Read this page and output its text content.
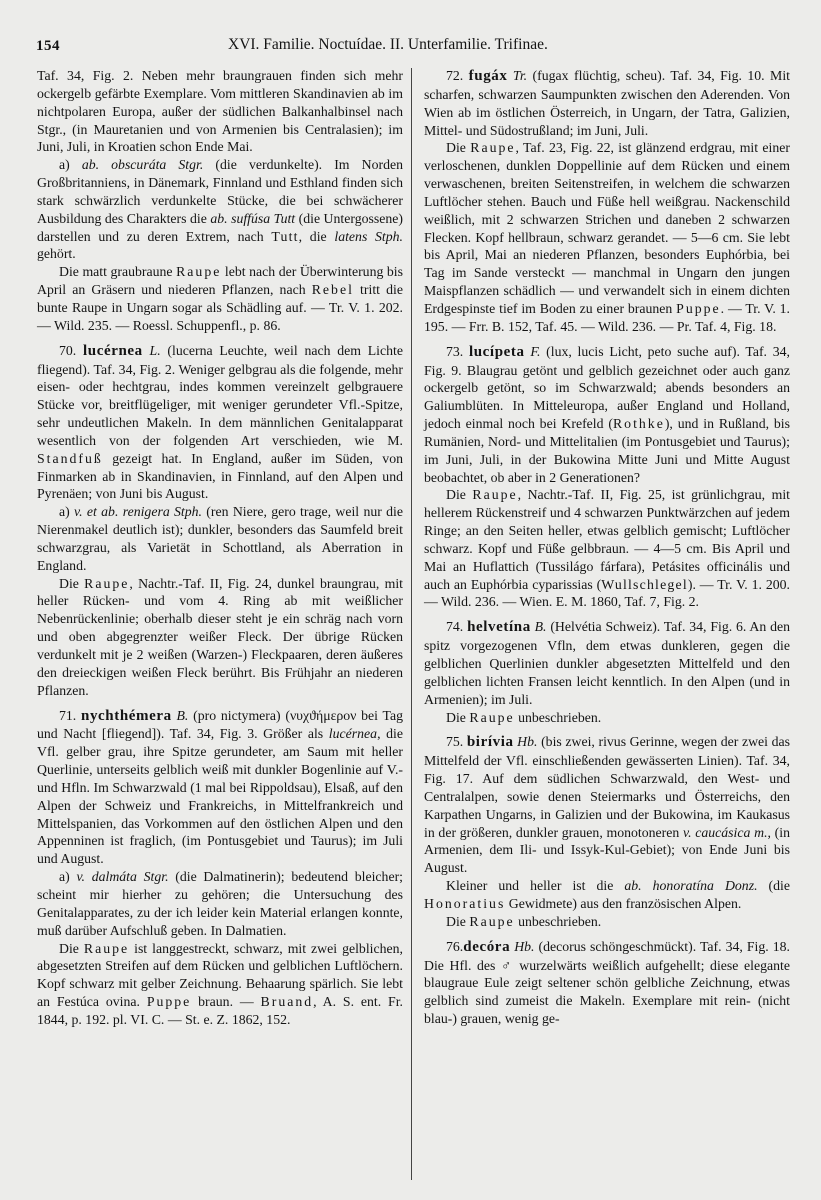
154	XVI. Familie. Noctuídae. II. Unterfamilie. Trifinae.

Taf. 34, Fig. 2. Neben mehr braungrauen finden sich mehr ockergelb gefärbte Exemplare. Vom mittleren Skandinavien ab im nichtpolaren Europa, außer der südlichen Balkanhalbinsel nach Stgr., (in Mauretanien und von Armenien bis Centralasien); im Juni, Juli, in Kroatien schon Ende Mai.

a) ab. obscuráta Stgr. (die verdunkelte). Im Norden Großbritanniens, in Dänemark, Finnland und Esthland finden sich stark schwärzlich verdunkelte Stücke, die bei schwächerer Ausbildung des Charakters die ab. suffúsa Tutt (die Untergossene) darstellen und zu deren Extrem, nach Tutt, die latens Stph. gehört.

Die matt graubraune Raupe lebt nach der Überwinterung bis April an Gräsern und niederen Pflanzen, nach Rebel tritt die bunte Raupe in Ungarn sogar als Schädling auf. — Tr. V. 1. 202. — Wild. 235. — Roessl. Schuppenfl., p. 86.

70. lucérnea L. (lucerna Leuchte, weil nach dem Lichte fliegend). Taf. 34, Fig. 2. Weniger gelbgrau als die folgende, mehr eisen- oder hechtgrau, indes kommen vereinzelt gelbgrauere Stücke vor, breitflügeliger, mit weniger gerundeter Vfl.-Spitze, sehr undeutlichen Makeln. In dem männlichen Genitalapparat wesentlich von der folgenden Art verschieden, wie M. Standfuß gezeigt hat. In England, außer im Süden, von Finmarken ab in Skandinavien, in Finnland, auf den Alpen und Pyrenäen; von Juni bis August.

a) v. et ab. renigera Stph. (ren Niere, gero trage, weil nur die Nierenmakel deutlich ist); dunkler, besonders das Saumfeld breit schwarzgrau, als Varietät in Schottland, als Aberration in England.

Die Raupe, Nachtr.-Taf. II, Fig. 24, dunkel braungrau, mit heller Rücken- und vom 4. Ring ab mit weißlicher Nebenrückenlinie; oberhalb dieser steht je ein schräg nach vorn und oben abgegrenzter weißer Fleck. Der übrige Rücken verdunkelt mit je 2 weißen (Warzen-) Fleckpaaren, deren äußeres den dreieckigen weißen Fleck berührt. Bis Frühjahr an niederen Pflanzen.

71. nychthémera B. (pro nictymera) (νυχϑήμερον bei Tag und Nacht [fliegend]). Taf. 34, Fig. 3. Größer als lucérnea, die Vfl. gelber grau, ihre Spitze gerundeter, am Saum mit heller Querlinie, unterseits gelblich weiß mit dunkler Bogenlinie auf V.- und Hfln. Im Schwarzwald (1 mal bei Rippoldsau), Elsaß, auf den Alpen der Schweiz und Frankreichs, in Mittelfrankreich und Mittelspanien, das Vorkommen auf den östlichen Alpen und den Appenninen ist fraglich, (im Pontusgebiet und Taurus); im Juli und August.

a) v. dalmáta Stgr. (die Dalmatinerin); bedeutend bleicher; scheint mir hierher zu gehören; die Untersuchung des Genitalapparates, zu der ich leider kein Material erlangen konnte, muß darüber Aufschluß geben. In Dalmatien.

Die Raupe ist langgestreckt, schwarz, mit zwei gelblichen, abgesetzten Streifen auf dem Rücken und gelblichen Luftlöchern. Kopf schwarz mit gelber Zeichnung. Behaarung spärlich. Sie lebt an Festúca ovina. Puppe braun. — Bruand, A. S. ent. Fr. 1844, p. 192. pl. VI. C. — St. e. Z. 1862, 152.

72. fugáx Tr. (fugax flüchtig, scheu). Taf. 34, Fig. 10. Mit scharfen, schwarzen Saumpunkten zwischen den Aderenden. Von Wien ab im östlichen Österreich, in Ungarn, der Tatra, Galizien, Mittel- und Südostrußland; im Juni, Juli.

Die Raupe, Taf. 23, Fig. 22, ist glänzend erdgrau, mit einer verloschenen, dunklen Doppellinie auf dem Rücken und einem verwaschenen, breiten Seitenstreifen, in welchem die schwarzen Luftlöcher stehen. Bauch und Füße hell weißgrau. Nackenschild weißlich, mit 2 schwarzen Strichen und daneben 2 schwarzen Flecken. Kopf hellbraun, schwarz gerandet. — 5—6 cm. Sie lebt bis April, Mai an niederen Pflanzen, besonders Euphórbia, bei Tag im Sande versteckt — manchmal in Ungarn den jungen Maispflanzen schädlich — und verwandelt sich in einem dichten Erdgespinste tief im Boden zu einer braunen Puppe. — Tr. V. 1. 195. — Frr. B. 152, Taf. 45. — Wild. 236. — Pr. Taf. 4, Fig. 18.

73. lucípeta F. (lux, lucis Licht, peto suche auf). Taf. 34, Fig. 9. Blaugrau getönt und gelblich gezeichnet oder auch ganz ockergelb getönt, so im Schwarzwald; abends besonders an Galiumblüten. In Mitteleuropa, außer England und Holland, jedoch einmal noch bei Krefeld (Rothke), und in Rußland, bis Rumänien, Nord- und Mittelitalien (im Pontusgebiet und Taurus); im Juni, Juli, in der Bukowina Mitte Juni und Mitte August beobachtet, ob aber in 2 Generationen?

Die Raupe, Nachtr.-Taf. II, Fig. 25, ist grünlichgrau, mit hellerem Rückenstreif und 4 schwarzen Punktwärzchen auf jedem Ringe; an den Seiten heller, etwas gelblich gemischt; Luftlöcher schwarz. Kopf und Füße gelbbraun. — 4—5 cm. Bis April und Mai an Huflattich (Tussilágo fárfara), Petásites officinális und auch an Euphórbia cyparissias (Wullschlegel). — Tr. V. 1. 200. — Wild. 236. — Wien. E. M. 1860, Taf. 7, Fig. 2.

74. helvetína B. (Helvétia Schweiz). Taf. 34, Fig. 6. An den spitz vorgezogenen Vfln, dem etwas dunkleren, gegen die gelblichen Querlinien dunkler abgesetzten Mittelfeld und den gelblichen lichten Fransen leicht kenntlich. In den Alpen (und in Armenien); im Juli.

Die Raupe unbeschrieben.

75. birívia Hb. (bis zwei, rivus Gerinne, wegen der zwei das Mittelfeld der Vfl. einschließenden gewässerten Linien). Taf. 34, Fig. 17. Auf dem südlichen Schwarzwald, den West- und Centralalpen, sowie denen Steiermarks und Österreichs, den Karpathen Ungarns, in Galizien und der Bukowina, im Kaukasus in der größeren, dunkler grauen, monotoneren v. caucásica m., (in Armenien, dem Ili- und Issyk-Kul-Gebiet); von Ende Juni bis August.

Kleiner und heller ist die ab. honoratína Donz. (die Honoratius Gewidmete) aus den französischen Alpen.

Die Raupe unbeschrieben.

76.decóra Hb. (decorus schöngeschmückt). Taf. 34, Fig. 18. Die Hfl. des ♂ wurzelwärts weißlich aufgehellt; diese elegante blaugraue Eule zeigt seltener schön gelbliche Zeichnung, etwas gelblich sind zumeist die Makeln. Exemplare mit rein- (nicht blau-) grauen, wenig ge-
